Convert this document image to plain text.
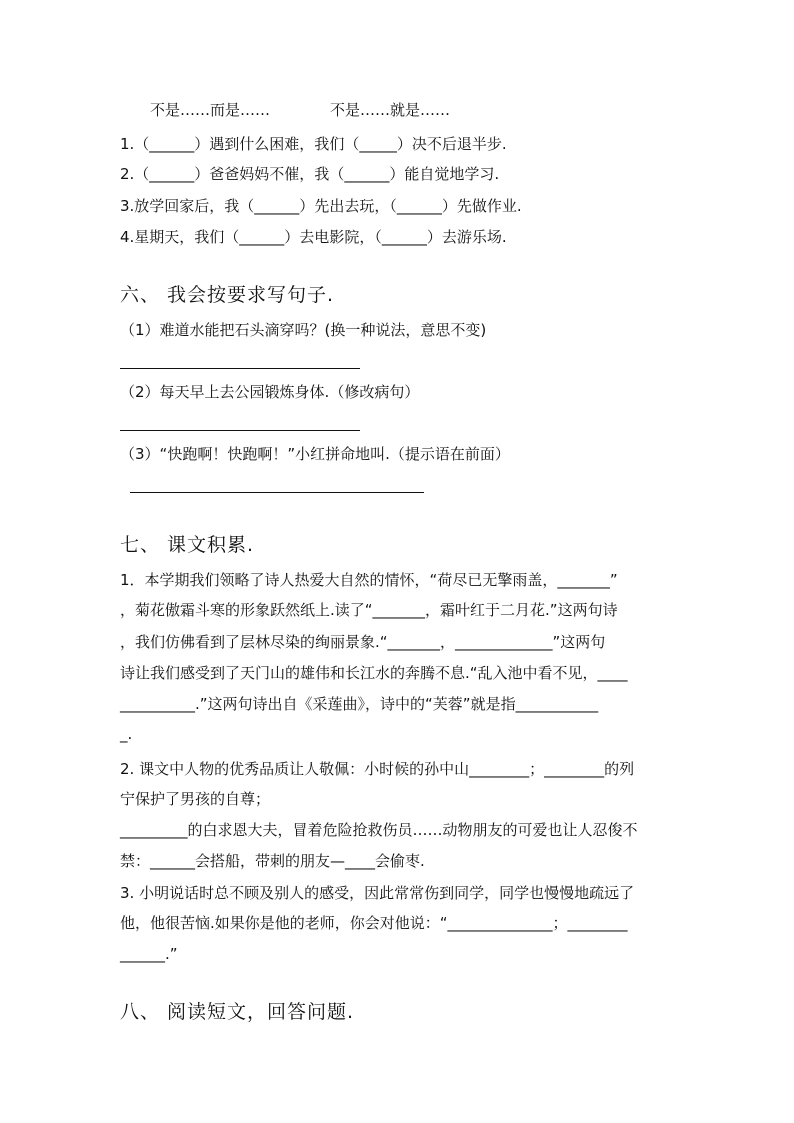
不是……而是……	不是……就是……
1.（______）遇到什么困难，我们（_____）决不后退半步.
2.（______）爸爸妈妈不催，我（______）能自觉地学习.
3.放学回家后，我（______）先出去玩，（______）先做作业.
4.星期天，我们（______）去电影院，（______）去游乐场.
六、 我会按要求写句子.
（1）难道水能把石头滴穿吗？(换一种说法，意思不变)
（2）每天早上去公园锻炼身体.（修改病句）
（3）“快跑啊！快跑啊！”小红拼命地叫.（提示语在前面）
七、 课文积累.
1．本学期我们领略了诗人热爱大自然的情怀，“荷尽已无擎雨盖，_______”
，菊花傲霜斗寒的形象跃然纸上.读了“_______，霜叶红于二月花.”这两句诗
，我们仿佛看到了层林尽染的绚丽景象.“_______，_____________”这两句
诗让我们感受到了天门山的雄伟和长江水的奔腾不息.“乱入池中看不见，____
__________.”这两句诗出自《采莲曲》，诗中的“芙蓉”就是指___________
_.
2. 课文中人物的优秀品质让人敬佩：小时候的孙中山________；________的列
宁保护了男孩的自尊；
_________的白求恩大夫，冒着危险抢救伤员……动物朋友的可爱也让人忍俊不
禁：______会搭船，带刺的朋友—____会偷枣.
3. 小明说话时总不顾及别人的感受，因此常常伤到同学，同学也慢慢地疏远了
他，他很苦恼.如果你是他的老师，你会对他说：“______________；________
______.”
八、 阅读短文，回答问题.
